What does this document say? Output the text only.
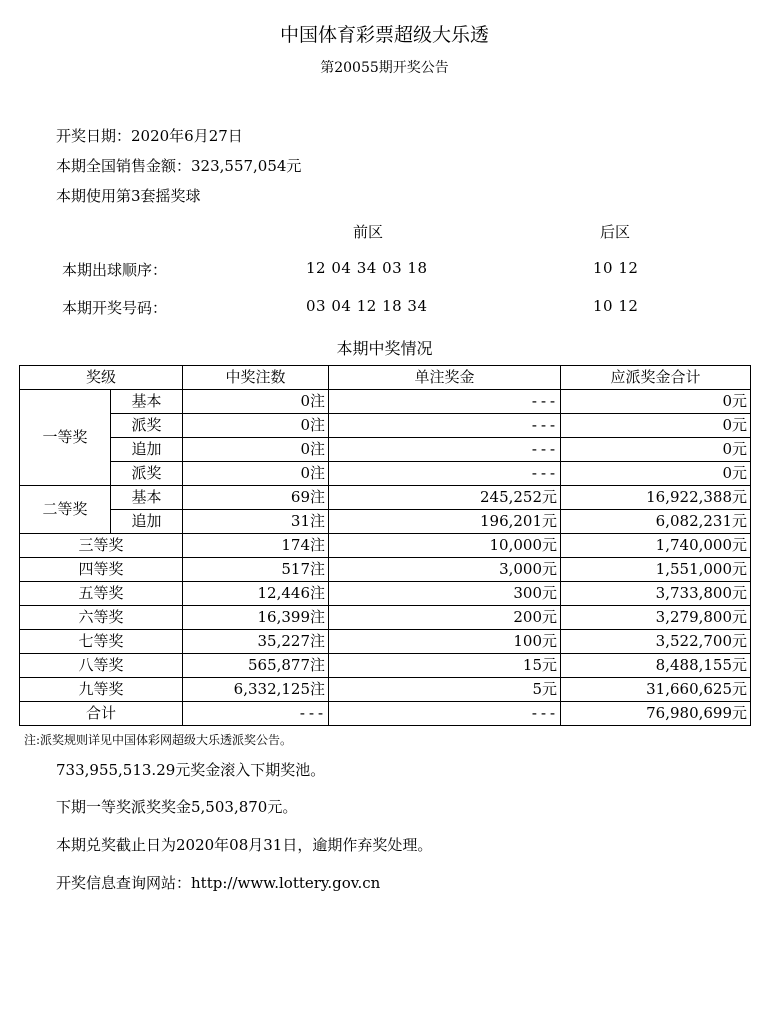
中国体育彩票超级大乐透
第20055期开奖公告
开奖日期：2020年6月27日
本期全国销售金额：323,557,054元
本期使用第3套摇奖球
前区	后区
本期出球顺序：	12 04 34 03 18	10 12
本期开奖号码：	03 04 12 18 34	10 12
本期中奖情况
奖级		中奖注数	单注奖金	应派奖金合计
一等奖	基本	0注	---	0元
	派奖	0注	---	0元
	追加	0注	---	0元
	派奖	0注	---	0元
二等奖	基本	69注	245,252元	16,922,388元
	追加	31注	196,201元	6,082,231元
三等奖		174注	10,000元	1,740,000元
四等奖		517注	3,000元	1,551,000元
五等奖		12,446注	300元	3,733,800元
六等奖		16,399注	200元	3,279,800元
七等奖		35,227注	100元	3,522,700元
八等奖		565,877注	15元	8,488,155元
九等奖		6,332,125注	5元	31,660,625元
合计		---	---	76,980,699元
注:派奖规则详见中国体彩网超级大乐透派奖公告。
733,955,513.29元奖金滚入下期奖池。
下期一等奖派奖奖金5,503,870元。
本期兑奖截止日为2020年08月31日，逾期作弃奖处理。
开奖信息查询网站：http://www.lottery.gov.cn
